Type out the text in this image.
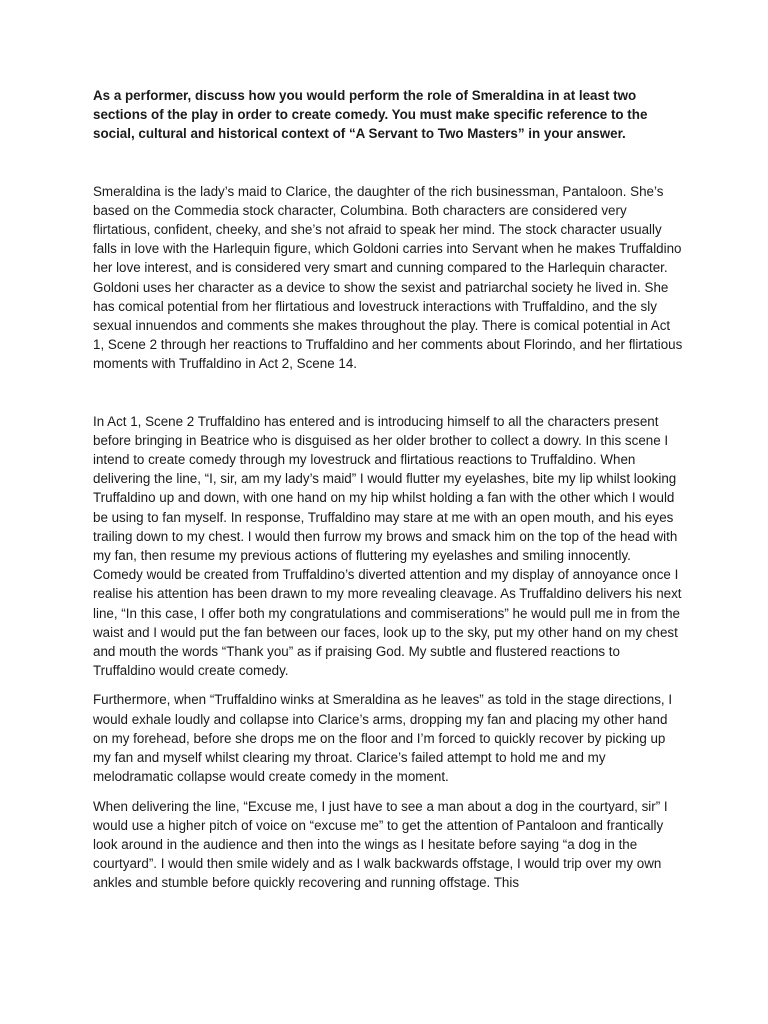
As a performer, discuss how you would perform the role of Smeraldina in at least two sections of the play in order to create comedy. You must make specific reference to the social, cultural and historical context of “A Servant to Two Masters” in your answer.

Smeraldina is the lady’s maid to Clarice, the daughter of the rich businessman, Pantaloon. She’s based on the Commedia stock character, Columbina. Both characters are considered very flirtatious, confident, cheeky, and she’s not afraid to speak her mind. The stock character usually falls in love with the Harlequin figure, which Goldoni carries into Servant when he makes Truffaldino her love interest, and is considered very smart and cunning compared to the Harlequin character. Goldoni uses her character as a device to show the sexist and patriarchal society he lived in. She has comical potential from her flirtatious and lovestruck interactions with Truffaldino, and the sly sexual innuendos and comments she makes throughout the play. There is comical potential in Act 1, Scene 2 through her reactions to Truffaldino and her comments about Florindo, and her flirtatious moments with Truffaldino in Act 2, Scene 14.

In Act 1, Scene 2 Truffaldino has entered and is introducing himself to all the characters present before bringing in Beatrice who is disguised as her older brother to collect a dowry. In this scene I intend to create comedy through my lovestruck and flirtatious reactions to Truffaldino. When delivering the line, “I, sir, am my lady’s maid” I would flutter my eyelashes, bite my lip whilst looking Truffaldino up and down, with one hand on my hip whilst holding a fan with the other which I would be using to fan myself. In response, Truffaldino may stare at me with an open mouth, and his eyes trailing down to my chest. I would then furrow my brows and smack him on the top of the head with my fan, then resume my previous actions of fluttering my eyelashes and smiling innocently. Comedy would be created from Truffaldino’s diverted attention and my display of annoyance once I realise his attention has been drawn to my more revealing cleavage. As Truffaldino delivers his next line, “In this case, I offer both my congratulations and commiserations” he would pull me in from the waist and I would put the fan between our faces, look up to the sky, put my other hand on my chest and mouth the words “Thank you” as if praising God. My subtle and flustered reactions to Truffaldino would create comedy.

Furthermore, when “Truffaldino winks at Smeraldina as he leaves” as told in the stage directions, I would exhale loudly and collapse into Clarice’s arms, dropping my fan and placing my other hand on my forehead, before she drops me on the floor and I’m forced to quickly recover by picking up my fan and myself whilst clearing my throat. Clarice’s failed attempt to hold me and my melodramatic collapse would create comedy in the moment.

When delivering the line, “Excuse me, I just have to see a man about a dog in the courtyard, sir” I would use a higher pitch of voice on “excuse me” to get the attention of Pantaloon and frantically look around in the audience and then into the wings as I hesitate before saying “a dog in the courtyard”. I would then smile widely and as I walk backwards offstage, I would trip over my own ankles and stumble before quickly recovering and running offstage. This
